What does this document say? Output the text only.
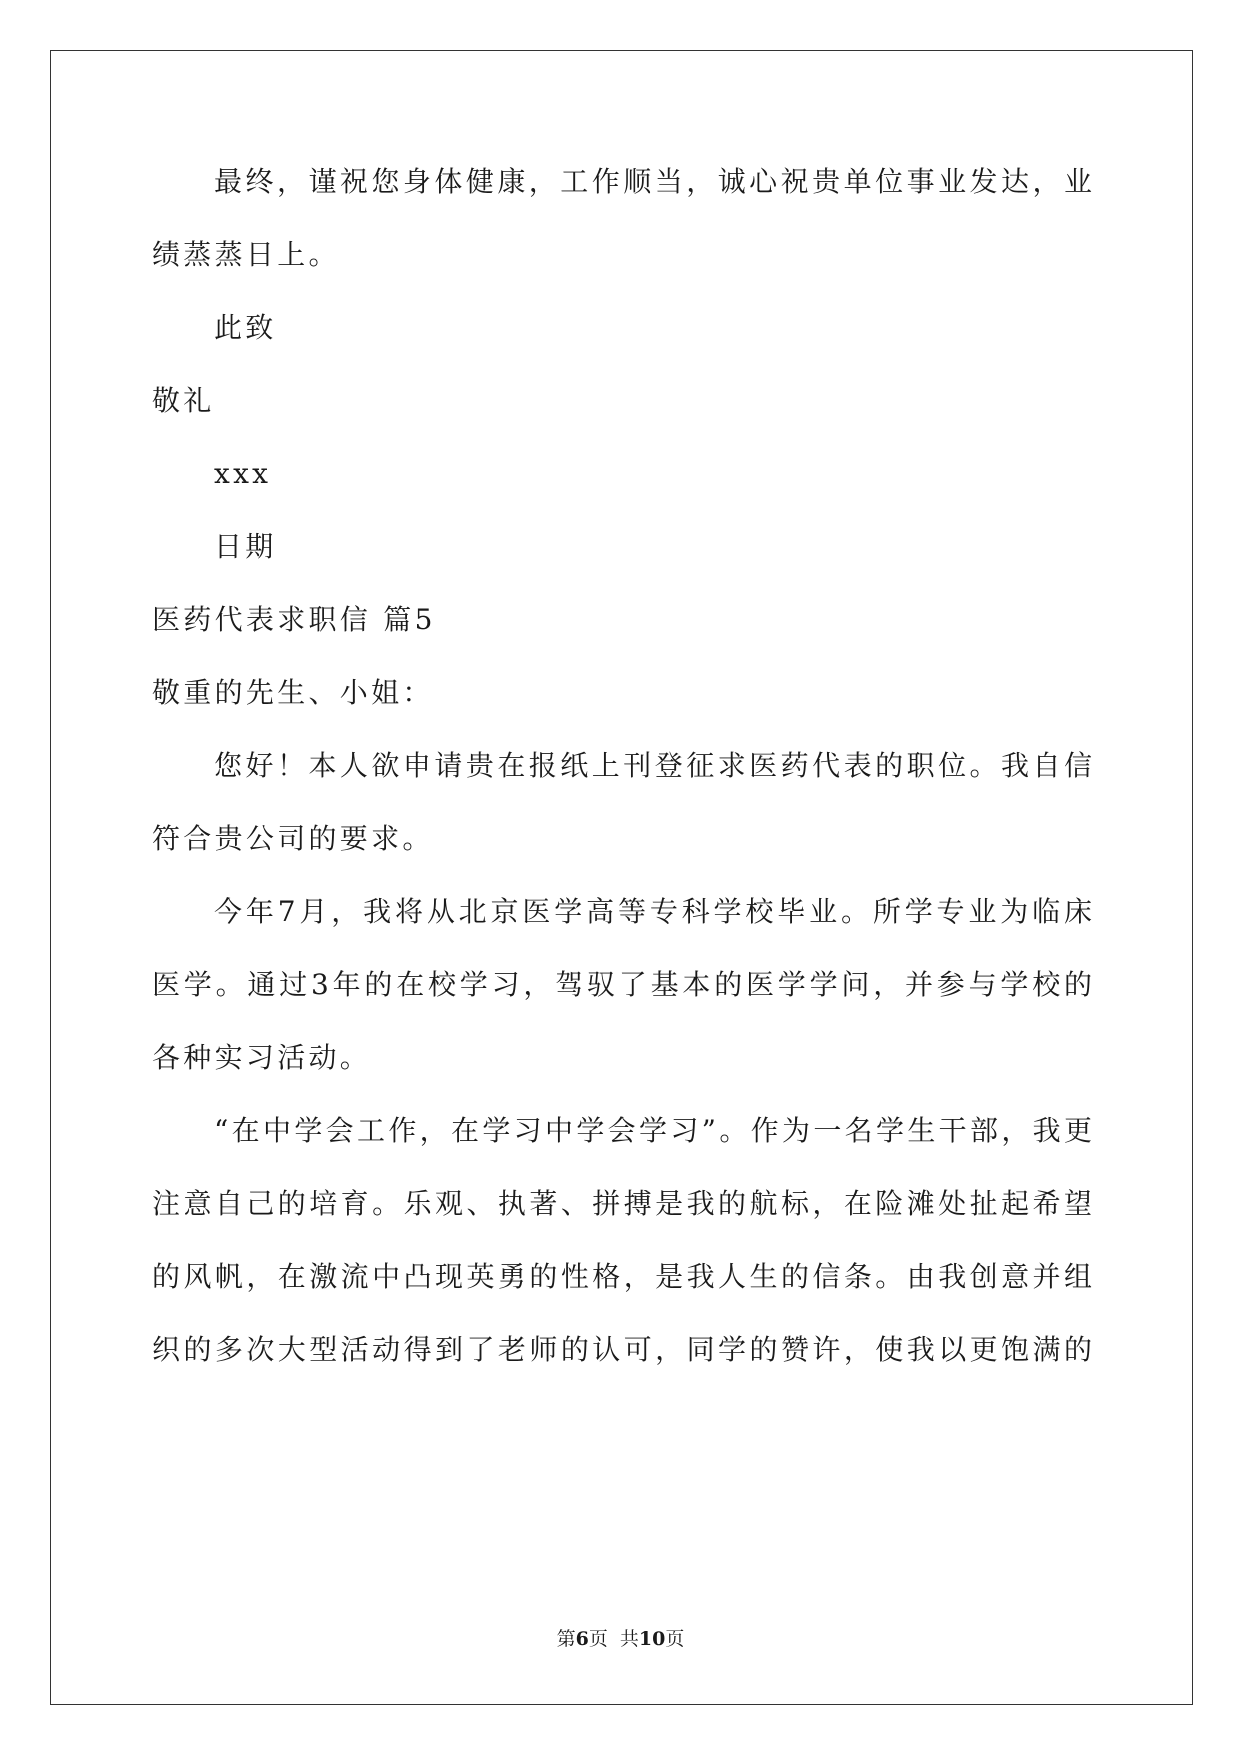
最终，谨祝您身体健康，工作顺当，诚心祝贵单位事业发达，业
绩蒸蒸日上。
此致
敬礼
xxx
日期
医药代表求职信 篇5
敬重的先生、小姐：
您好！本人欲申请贵在报纸上刊登征求医药代表的职位。我自信
符合贵公司的要求。
今年7月，我将从北京医学高等专科学校毕业。所学专业为临床
医学。通过3年的在校学习，驾驭了基本的医学学问，并参与学校的
各种实习活动。
“在中学会工作，在学习中学会学习”。作为一名学生干部，我更
注意自己的培育。乐观、执著、拼搏是我的航标，在险滩处扯起希望
的风帆，在激流中凸现英勇的性格，是我人生的信条。由我创意并组
织的多次大型活动得到了老师的认可，同学的赞许，使我以更饱满的
第6页 共10页
